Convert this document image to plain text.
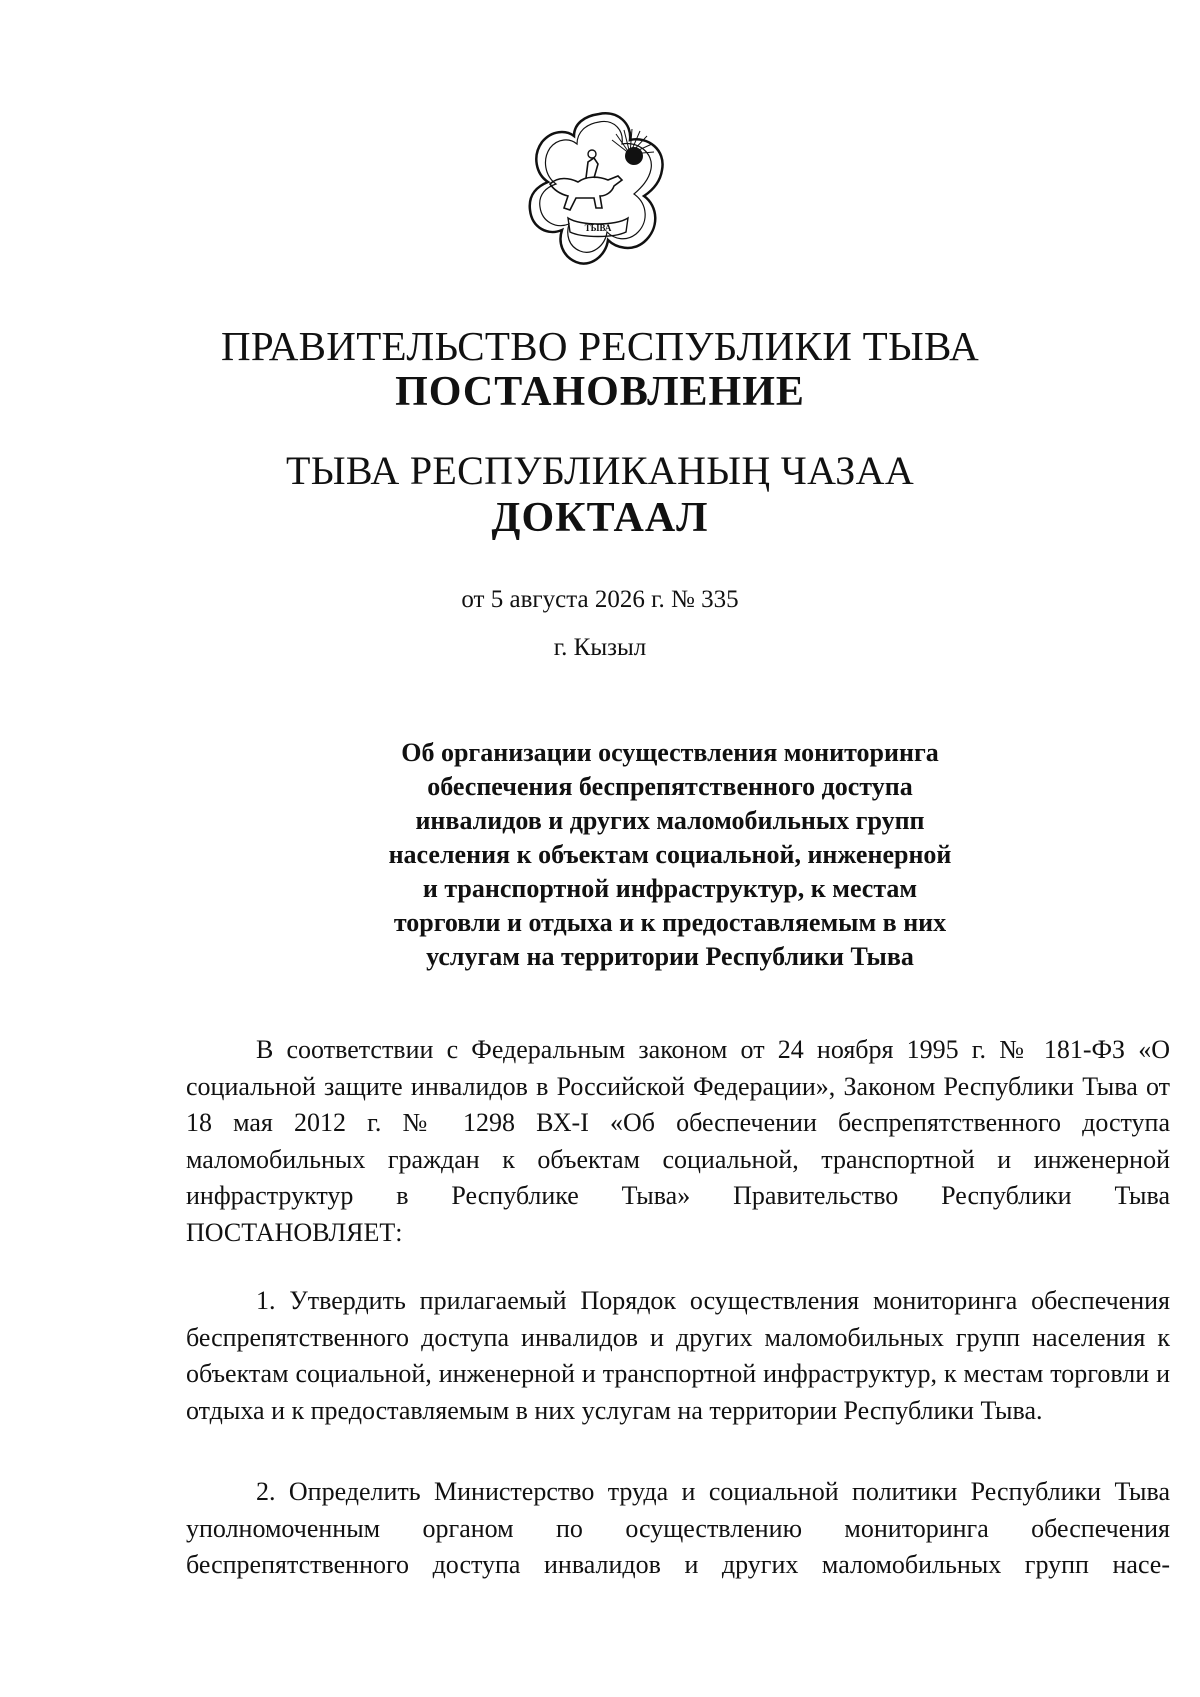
ТЫВА
ПРАВИТЕЛЬСТВО РЕСПУБЛИКИ ТЫВА
ПОСТАНОВЛЕНИЕ
ТЫВА РЕСПУБЛИКАНЫҢ ЧАЗАА
ДОКТААЛ
от 5 августа 2026 г. № 335
г. Кызыл
Об организации осуществления мониторинга
обеспечения беспрепятственного доступа
инвалидов и других маломобильных групп
населения к объектам социальной, инженерной
и транспортной инфраструктур, к местам
торговли и отдыха и к предоставляемым в них
услугам на территории Республики Тыва
В соответствии с Федеральным законом от 24 ноября 1995 г. № 181-ФЗ «О социальной защите инвалидов в Российской Федерации», Законом Республики Тыва от 18 мая 2012 г. № 1298 ВХ-I «Об обеспечении беспрепятственного доступа маломобильных граждан к объектам социальной, транспортной и инженерной инфраструктур в Республике Тыва» Правительство Республики Тыва ПОСТАНОВЛЯЕТ:
1. Утвердить прилагаемый Порядок осуществления мониторинга обеспечения беспрепятственного доступа инвалидов и других маломобильных групп населения к объектам социальной, инженерной и транспортной инфраструктур, к местам торговли и отдыха и к предоставляемым в них услугам на территории Республики Тыва.
2. Определить Министерство труда и социальной политики Республики Тыва уполномоченным органом по осуществлению мониторинга обеспечения беспрепятственного доступа инвалидов и других маломобильных групп насе-
